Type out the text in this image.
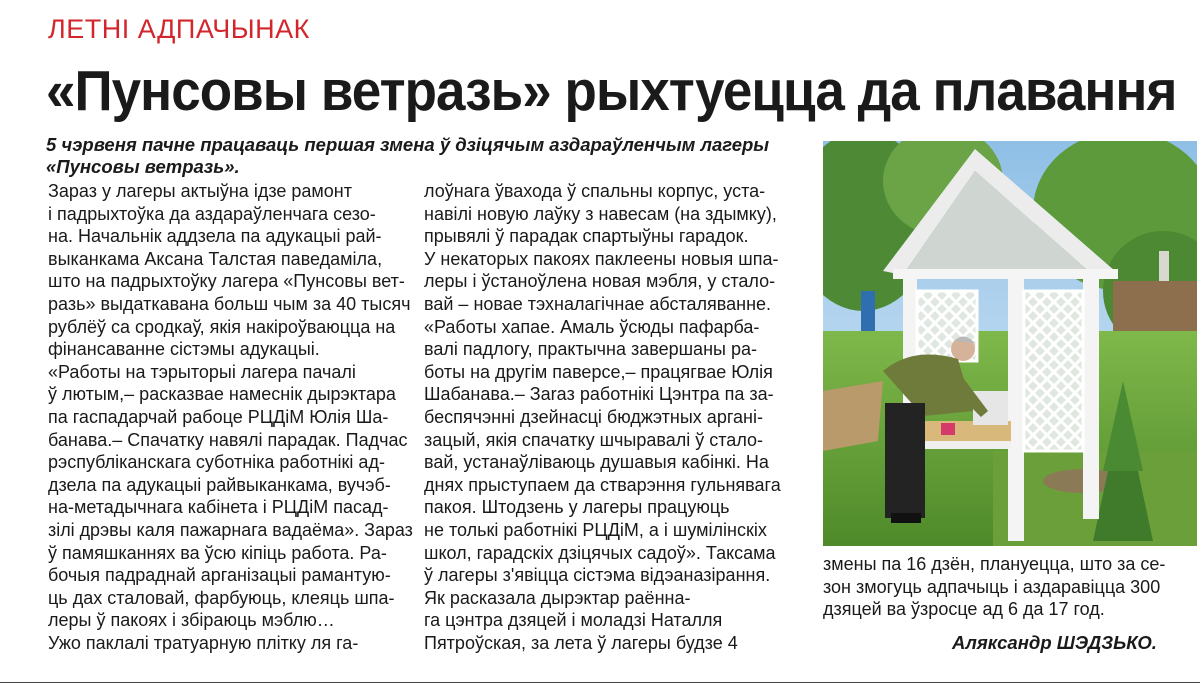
ЛЕТНІ АДПАЧЫНАК
«Пунсовы ветразь» рыхтуецца да плавання
5 чэрвеня пачне працаваць першая змена ў дзіцячым аздараўленчым лагеры «Пунсовы ветразь».

Зараз у лагеры актыўна ідзе рамонт

і падрыхтоўка да аздараўленчага сезо-

на. Начальнік аддзела па адукацыі рай-

выканкама Аксана Талстая паведаміла,

што на падрыхтоўку лагера «Пунсовы вет-

разь» выдаткавана больш чым за 40 тысяч

рублёў са сродкаў, якія накіроўваюцца на

фінансаванне сістэмы адукацыі.

«Работы на тэрыторыі лагера пачалі

ў лютым,– расказвае намеснік дырэктара

па гаспадарчай рабоце РЦДіМ Юлія Ша-

банава.– Спачатку навялі парадак. Падчас

рэспубліканскага суботніка работнікі ад-

дзела па адукацыі райвыканкама, вучэб-

на-метадычнага кабінета і РЦДіМ пасад-

зілі дрэвы каля пажарнага вадаёма». Зараз

ў памяшканнях ва ўсю кіпіць работа. Ра-

бочыя падраднай арганізацыі рамантую-

ць дах сталовай, фарбуюць, клеяць шпа-

леры ў пакоях і збіраюць мэблю…

Ужо паклалі тратуарную плітку ля га-

лоўнага ўвахода ў спальны корпус, уста-

навілі новую лаўку з навесам (на здымку),

прывялі ў парадак спартыўны гарадок.

У некаторых пакоях паклеены новыя шпа-

леры і ўстаноўлена новая мэбля, у стало-

вай – новае тэхналагічнае абсталяванне.

«Работы хапае. Амаль ўсюды пафарба-

валі падлогу, практычна завершаны ра-

боты на другім паверсе,– працягвае Юлія

Шабанава.– Заraз работнікі Цэнтра па за-

беспячэнні дзейнасці бюджэтных аргані-

зацый, якія спачатку шчыравалі ў стало-

вай, устанаўліваюць душавыя кабінкі. На

днях прыступаем да стварэння гульнявага

пакоя. Штодзень у лагеры працуюць

не толькі работнікі РЦДіМ, а і шумілінскіх

школ, гарадскіх дзіцячых садоў». Таксама

ў лагеры з'явіцца сістэма відэаназірання.

Як расказала дырэктар раённа-

га цэнтра дзяцей і моладзі Наталля

Пятроўская, за лета ў лагеры будзе 4

змены па 16 дзён, плануецца, што за се-

зон змогуць адпачыць і аздаравіцца 300

дзяцей ва ўзросце ад 6 да 17 год.

Аляксандр ШЭДЗЬКО.
